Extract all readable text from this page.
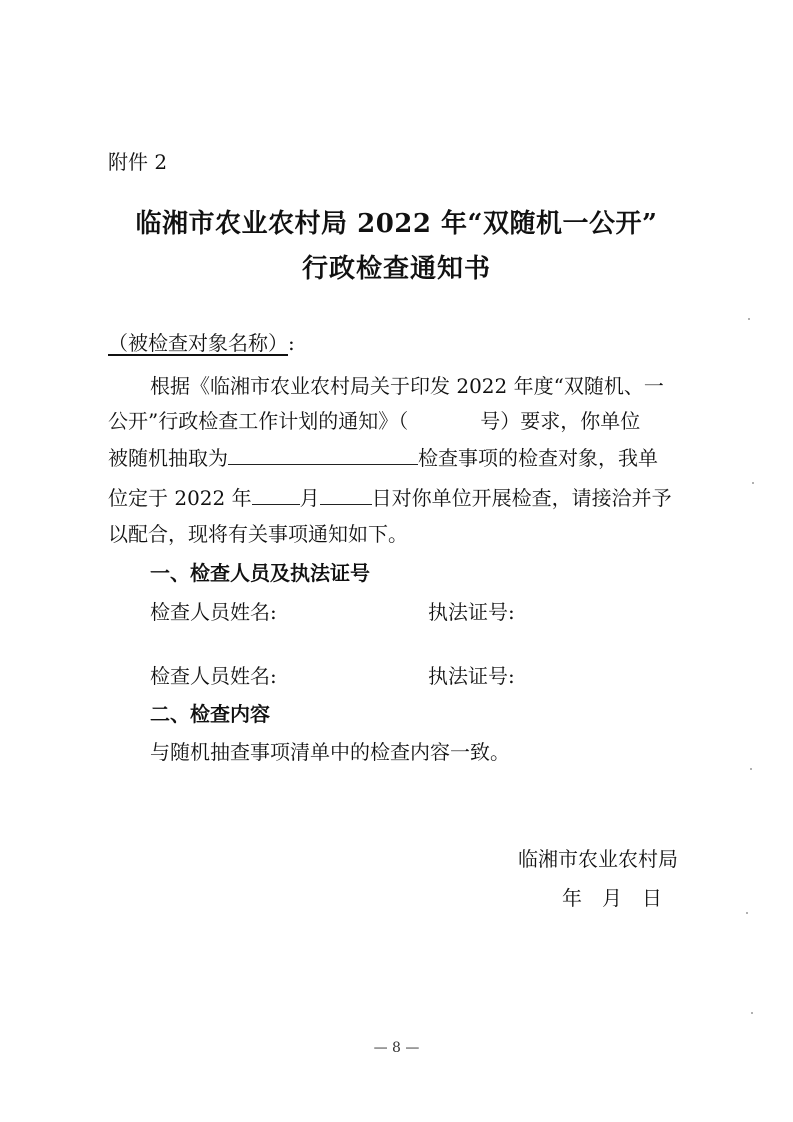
附件 2
临湘市农业农村局 2022 年“双随机一公开”
行政检查通知书
（被检查对象名称）:
根据《临湘市农业农村局关于印发 2022 年度“双随机、一
公开”行政检查工作计划的通知》（	号）要求，你单位
被随机抽取为	检查事项的检查对象，我单
位定于 2022 年 月	日对你单位开展检查，请接洽并予
以配合，现将有关事项通知如下。
一、检查人员及执法证号
检查人员姓名:	执法证号:
检查人员姓名:	执法证号:
二、检查内容
与随机抽查事项清单中的检查内容一致。
临湘市农业农村局
年　月　日
— 8 —
